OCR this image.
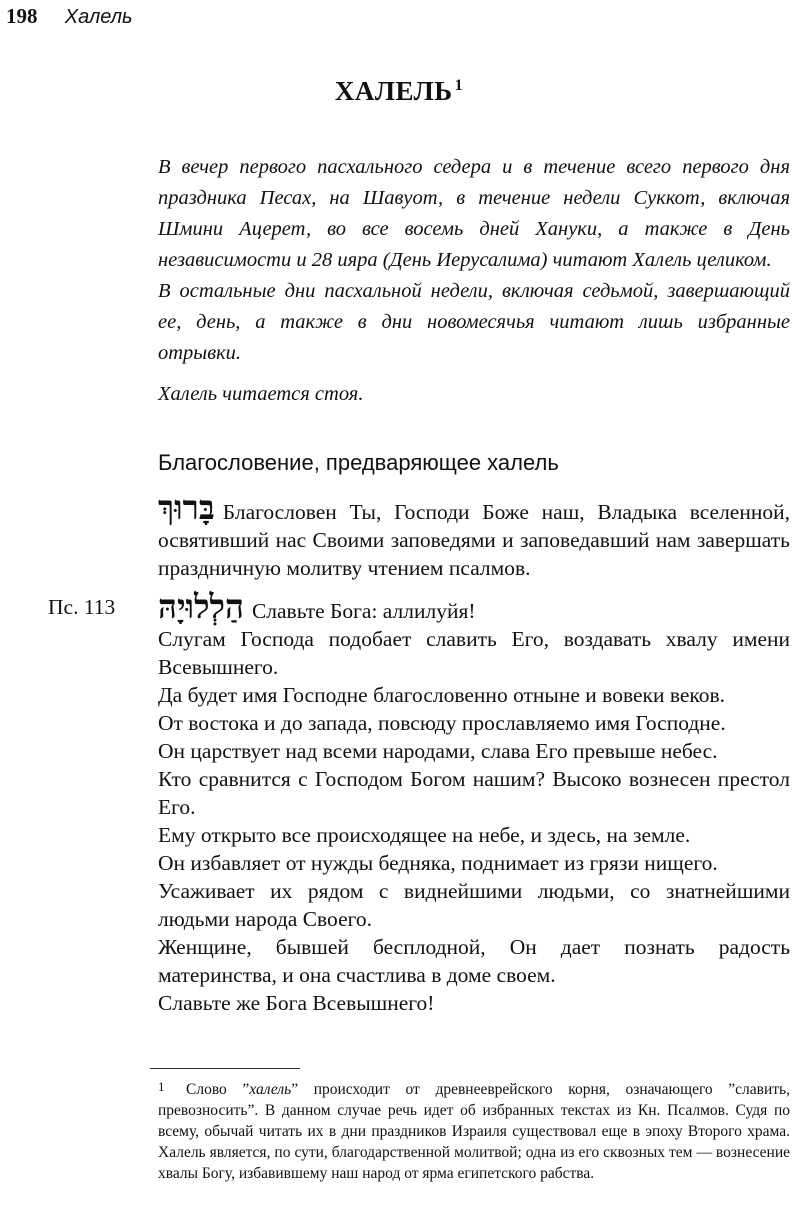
198 Халель
ХАЛЕЛЬ $^1$

В вечер первого пасхального седера и в течение всего первого дня праздника Песах, на Шавуот, в течение недели Суккот, включая Шмини Ацерет, во все восемь дней Хануки, а также в День независимости и 28 ияра (День Иерусалима) читают Халель целиком.

В остальные дни пасхальной недели, включая седьмой, завершающий ее, день, а также в дни новомесячья читают лишь избранные отрывки.

Халель читается стоя.

Благословение, предваряющее халель

בָּרוּךְ Благословен Ты, Господи Боже наш, Владыка вселенной, освятивший нас Своими заповедями и заповедавший нам завершать праздничную молитву чтением псалмов.

Пс. 113 הַלְלוּיָהּ Славьте Бога: аллилуйя!

Слугам Господа подобает славить Его, воздавать хвалу имени Всевышнего.

Да будет имя Господне благословенно отныне и вовеки веков.

От востока и до запада, повсюду прославляемо имя Господне.

Он царствует над всеми народами, слава Его превыше небес.

Кто сравнится с Господом Богом нашим? Высоко вознесен престол Его.

Ему открыто все происходящее на небе, и здесь, на земле.

Он избавляет от нужды бедняка, поднимает из грязи нищего.

Усаживает их рядом с виднейшими людьми, со знатнейшими людьми народа Своего.

Женщине, бывшей бесплодной, Он дает познать радость материнства, и она счастлива в доме своем.

Славьте же Бога Всевышнего!

1 Слово ”халель” происходит от древнееврейского корня, означающего ”славить, превозносить”. В данном случае речь идет об избранных текстах из Кн. Псалмов. Судя по всему, обычай читать их в дни праздников Израиля существовал еще в эпоху Второго храма. Халель является, по сути, благодарственной молитвой; одна из его сквозных тем — вознесение хвалы Богу, избавившему наш народ от ярма египетского рабства.
